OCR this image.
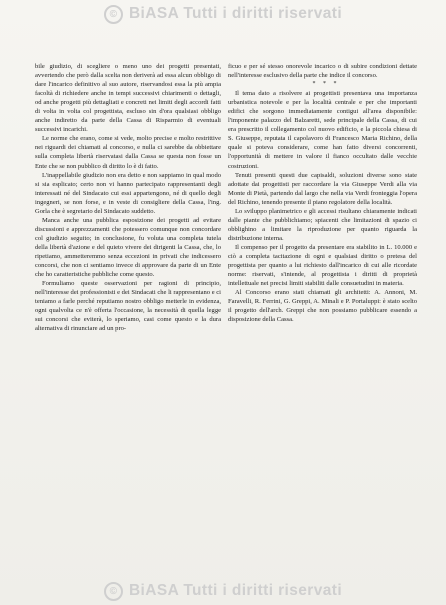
© BiASA Tutti i diritti riservati

bile giudizio, di scegliere o meno uno dei progetti presentati, avvertendo che però dalla scelta non deriverà ad essa alcun obbligo di dare l'incarico definitivo al suo autore, riservandosi essa la più ampia facoltà di richiedere anche in tempi successivi chiarimenti o dettagli, od anche progetti più dettagliati e concreti nei limiti degli accordi fatti di volta in volta col progettista, escluso sin d'ora qualsiasi obbligo anche indiretto da parte della Cassa di Risparmio di eventuali successivi incarichi.

Le norme che erano, come si vede, molto precise e molto restrittive nei riguardi dei chiamati al concorso, e nulla ci sarebbe da obbiettare sulla completa libertà riservatasi dalla Cassa se questa non fosse un Ente che se non pubblico di diritto lo è di fatto.

L'inappellabile giudizio non era detto e non sappiamo in qual modo si sia esplicato; certo non vi hanno partecipato rappresentanti degli interessati né del Sindacato cui essi appartengono, né di quello degli ingegneri, se non forse, e in veste di consigliere della Cassa, l'ing. Gorla che è segretario del Sindacato suddetto.

Manca anche una pubblica esposizione dei progetti ad evitare discussioni e apprezzamenti che potessero comunque non concordare col giudizio seguito; in conclusione, fu voluta una completa tutela della libertà d'azione e del quieto vivere dei dirigenti la Cassa, che, lo ripetiamo, ammetteremmo senza eccezioni in privati che indicessero concorsi, che non ci sentiamo invece di approvare da parte di un Ente che ho caratteristiche pubbliche come questo.

Formuliamo queste osservazioni per ragioni di principio, nell'interesse dei professionisti e dei Sindacati che li rappresentano e ci teniamo a farle perché reputiamo nostro obbligo metterle in evidenza, ogni qualvolta ce n'è offerta l'occasione, la necessità di quella legge sui concorsi che eviterà, lo speriamo, casi come questo e la dura alternativa di rinunciare ad un pro-

ficuo e per sé stesso onorevole incarico o di subire condizioni dettate nell'interesse esclusivo della parte che indice il concorso.

* * *

Il tema dato a risolvere ai progettisti presentava una importanza urbanistica notevole e per la località centrale e per che importanti edifici che sorgono immediatamente contigui all'area disponibile: l'imponente palazzo del Balzaretti, sede principale della Cassa, di cui era prescritto il collegamento col nuovo edificio, e la piccola chiesa di S. Giuseppe, reputata il capolavoro di Francesco Maria Richino, della quale si poteva considerare, come han fatto diversi concorrenti, l'opportunità di mettere in valore il fianco occultato dalle vecchie costruzioni.

Tenuti presenti questi due capisaldi, soluzioni diverse sono state adottate dai progettisti per raccordare la via Giuseppe Verdi alla via Monte di Pietà, partendo dal largo che nella via Verdi fronteggia l'opera del Richino, tenendo presente il piano regolatore della località.

Lo sviluppo planimetrico e gli accessi risultano chiaramente indicati dalle piante che pubblichiamo; spiacenti che limitazioni di spazio ci obblighino a limitare la riproduzione per quanto riguarda la distribuzione interna.

Il compenso per il progetto da presentare era stabilito in L. 10.000 e ciò a completa tacitazione di ogni e qualsiasi diritto o pretesa del progettista per quanto a lui richiesto dall'incarico di cui alle ricordate norme: riservati, s'intende, al progettista i diritti di proprietà intellettuale nei precisi limiti stabiliti dalle consuetudini in materia.

Al Concorso erano stati chiamati gli architetti: A. Annoni, M. Faravelli, R. Ferrini, G. Greppi, A. Minali e P. Portaluppi: è stato scelto il progetto dell'arch. Greppi che non possiamo pubblicare essendo a disposizione della Cassa.

© BiASA Tutti i diritti riservati
